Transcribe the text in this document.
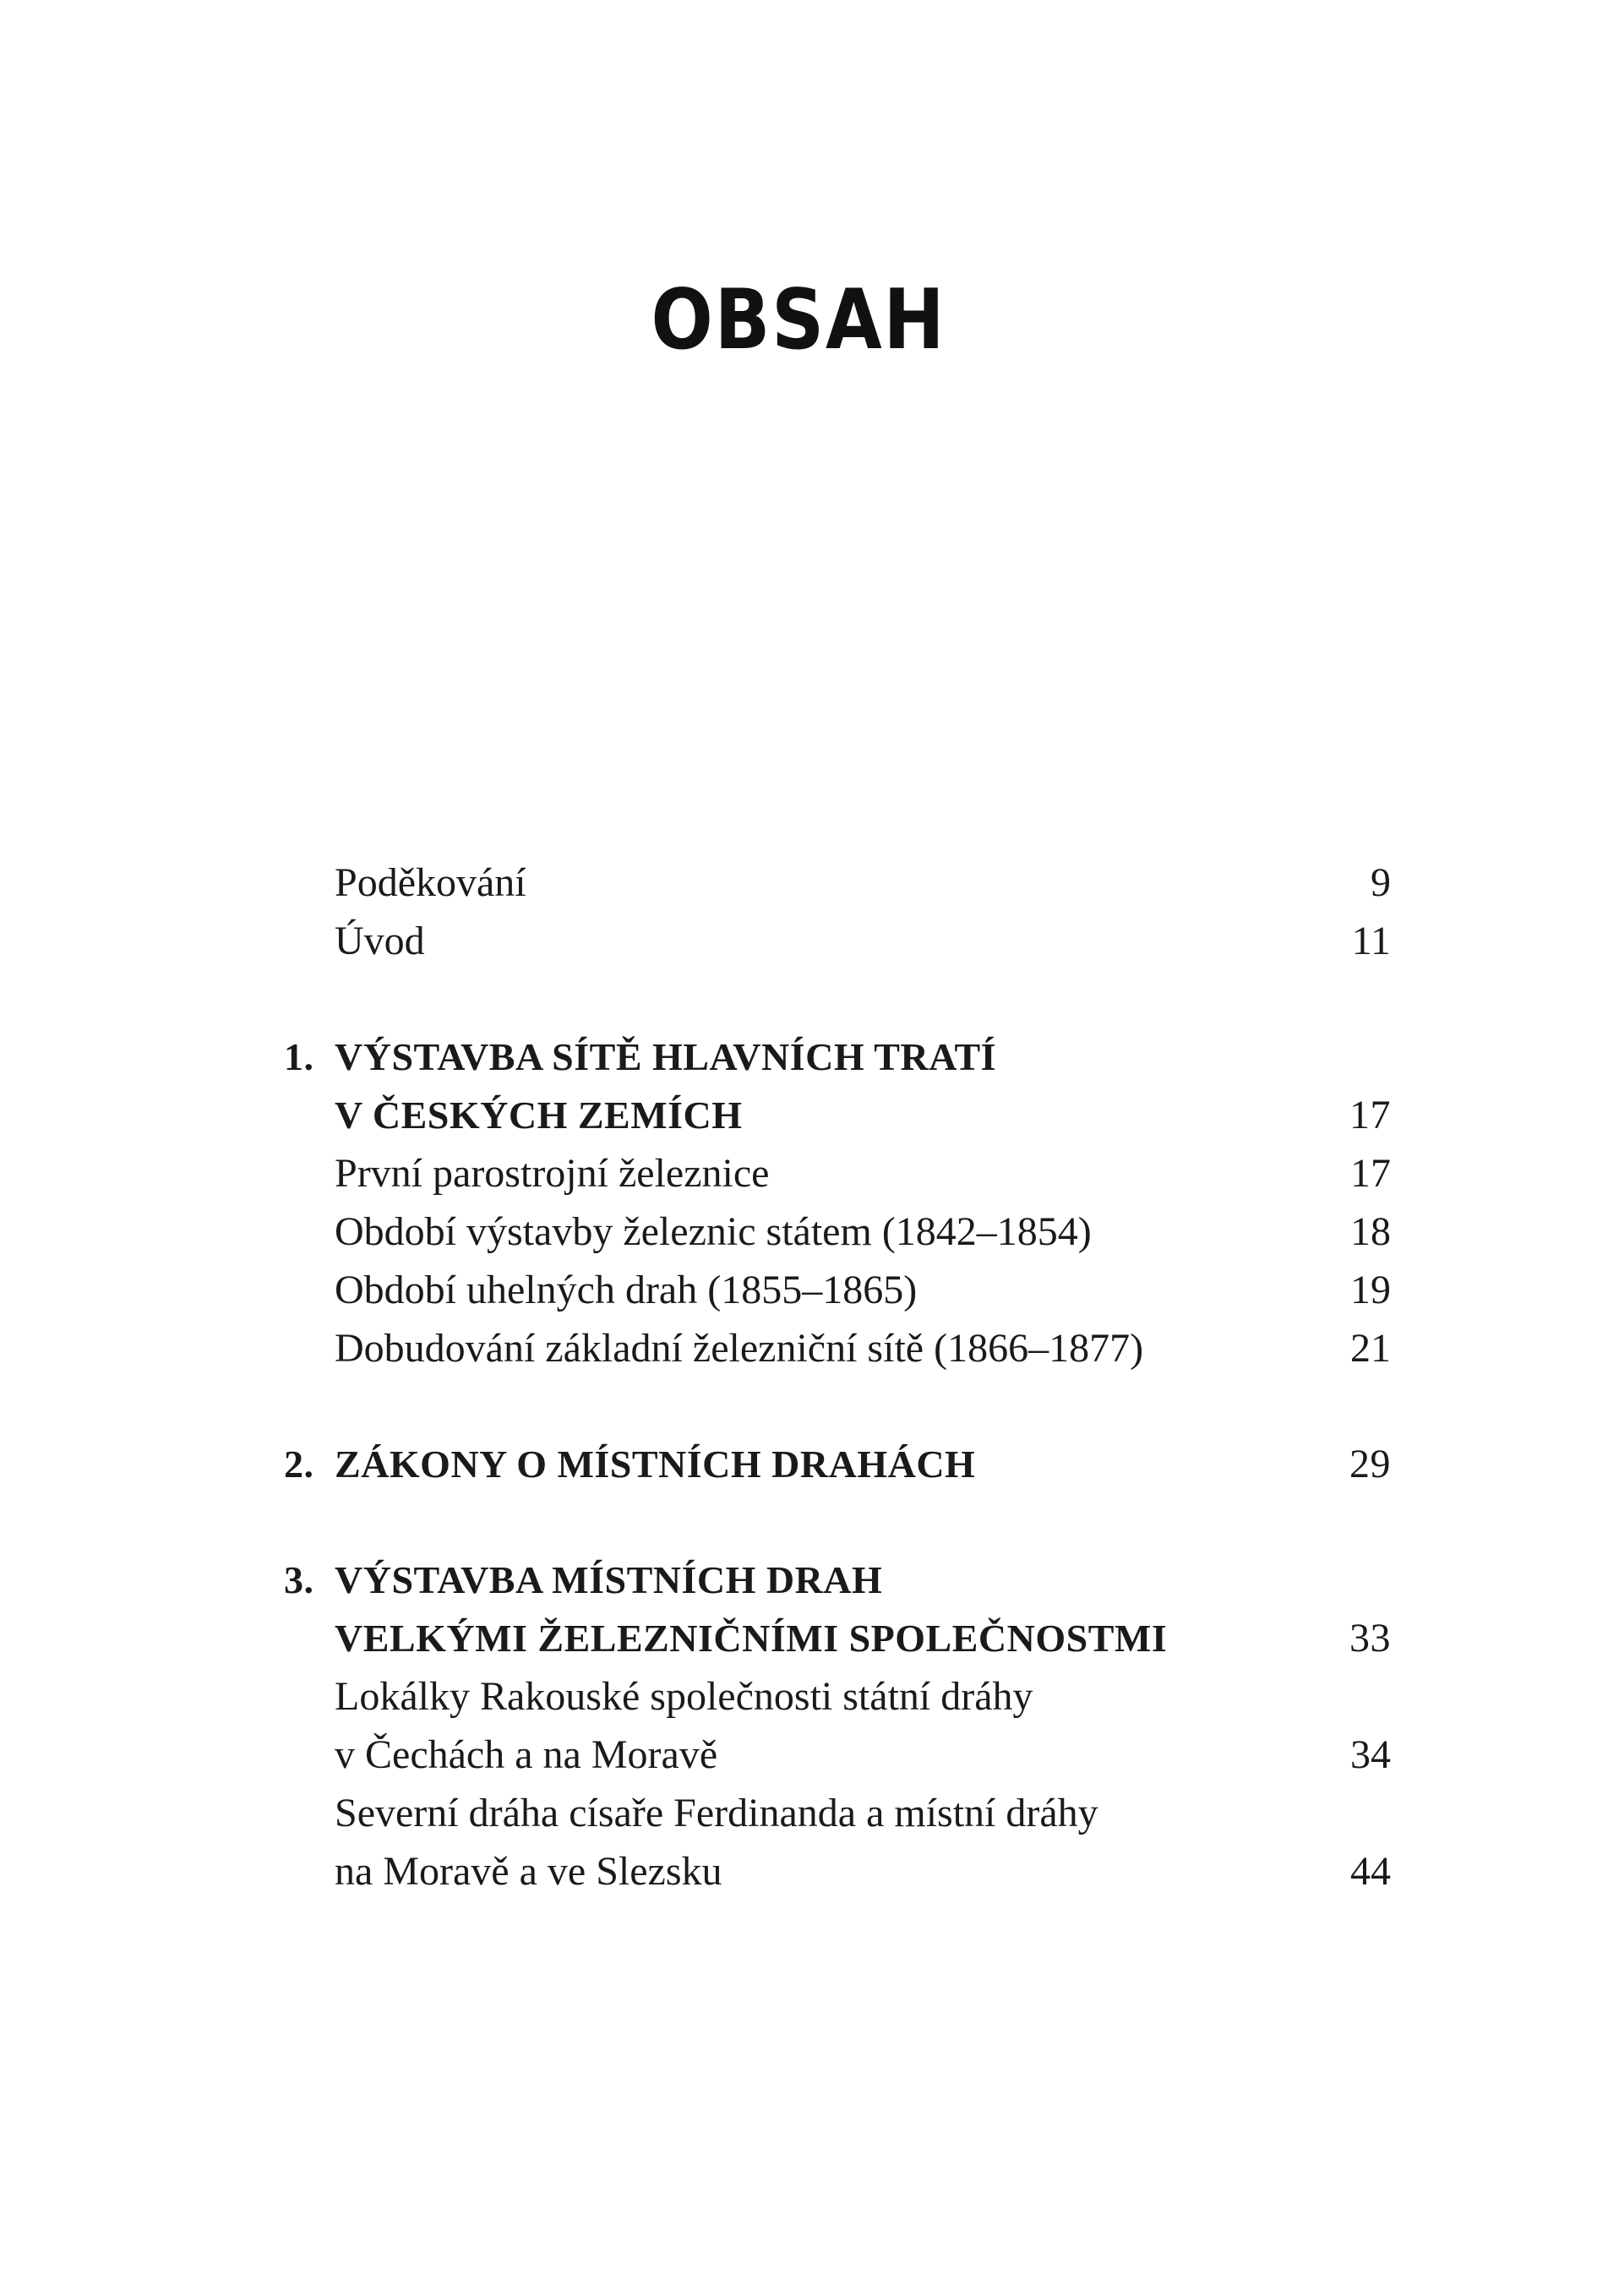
OBSAH
Poděkování	9
Úvod	11
1. VÝSTAVBA SÍTĚ HLAVNÍCH TRATÍ
V ČESKÝCH ZEMÍCH	17
První parostrojní železnice	17
Období výstavby železnic státem (1842–1854)	18
Období uhelných drah (1855–1865)	19
Dobudování základní železniční sítě (1866–1877)	21
2. ZÁKONY O MÍSTNÍCH DRAHÁCH	29
3. VÝSTAVBA MÍSTNÍCH DRAH
VELKÝMI ŽELEZNIČNÍMI SPOLEČNOSTMI	33
Lokálky Rakouské společnosti státní dráhy
v Čechách a na Moravě	34
Severní dráha císaře Ferdinanda a místní dráhy
na Moravě a ve Slezsku	44
